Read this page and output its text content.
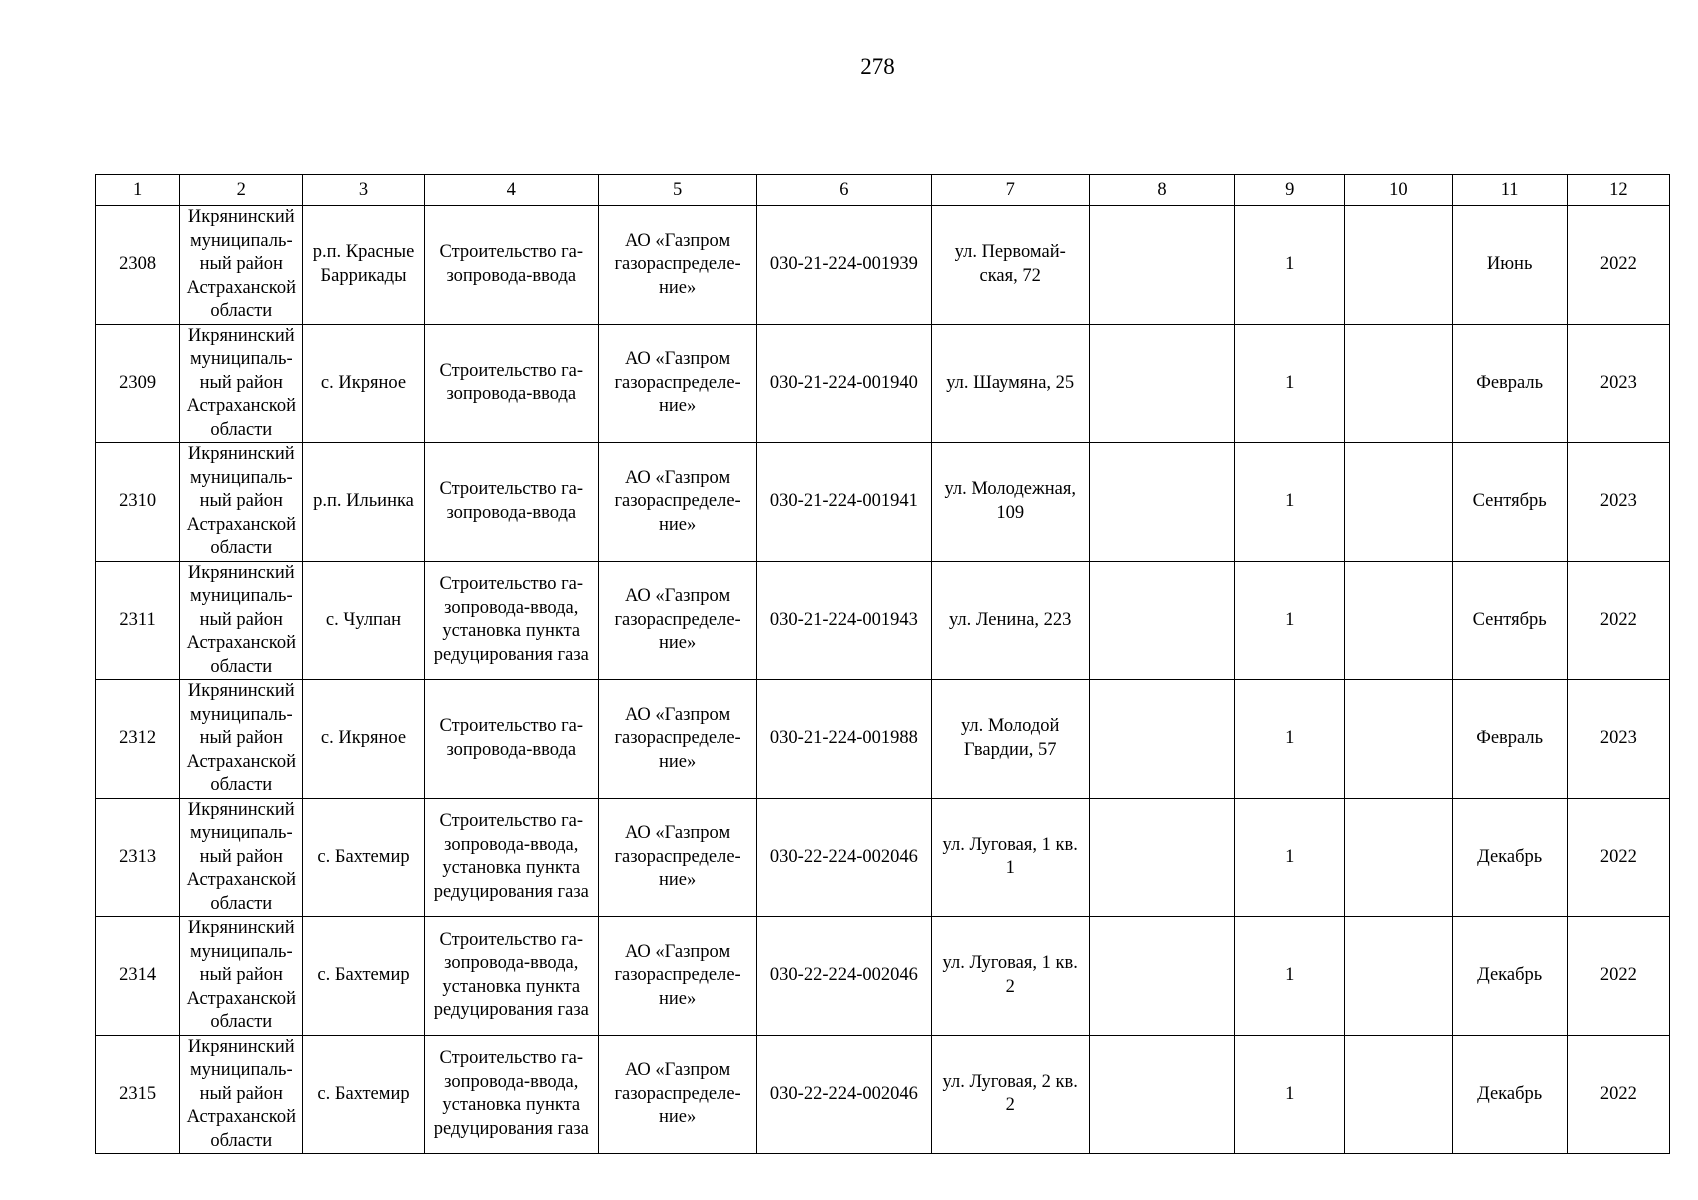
278
1	2	3	4	5	6	7	8	9	10	11	12
2308	Икрянинский
муниципаль-
ный район
Астраханской
области	р.п. Красные
Баррикады	Строительство га-
зопровода-ввода	АО «Газпром
газораспределе-
ние»	030-21-224-001939	ул. Первомай-
ская, 72		1		Июнь	2022
2309	Икрянинский
муниципаль-
ный район
Астраханской
области	с. Икряное	Строительство га-
зопровода-ввода	АО «Газпром
газораспределе-
ние»	030-21-224-001940	ул. Шаумяна, 25		1		Февраль	2023
2310	Икрянинский
муниципаль-
ный район
Астраханской
области	р.п. Ильинка	Строительство га-
зопровода-ввода	АО «Газпром
газораспределе-
ние»	030-21-224-001941	ул. Молодежная,
109		1		Сентябрь	2023
2311	Икрянинский
муниципаль-
ный район
Астраханской
области	с. Чулпан	Строительство га-
зопровода-ввода,
установка пункта
редуцирования газа	АО «Газпром
газораспределе-
ние»	030-21-224-001943	ул. Ленина, 223		1		Сентябрь	2022
2312	Икрянинский
муниципаль-
ный район
Астраханской
области	с. Икряное	Строительство га-
зопровода-ввода	АО «Газпром
газораспределе-
ние»	030-21-224-001988	ул. Молодой
Гвардии, 57		1		Февраль	2023
2313	Икрянинский
муниципаль-
ный район
Астраханской
области	с. Бахтемир	Строительство га-
зопровода-ввода,
установка пункта
редуцирования газа	АО «Газпром
газораспределе-
ние»	030-22-224-002046	ул. Луговая, 1 кв.
1		1		Декабрь	2022
2314	Икрянинский
муниципаль-
ный район
Астраханской
области	с. Бахтемир	Строительство га-
зопровода-ввода,
установка пункта
редуцирования газа	АО «Газпром
газораспределе-
ние»	030-22-224-002046	ул. Луговая, 1 кв.
2		1		Декабрь	2022
2315	Икрянинский
муниципаль-
ный район
Астраханской
области	с. Бахтемир	Строительство га-
зопровода-ввода,
установка пункта
редуцирования газа	АО «Газпром
газораспределе-
ние»	030-22-224-002046	ул. Луговая, 2 кв.
2		1		Декабрь	2022
